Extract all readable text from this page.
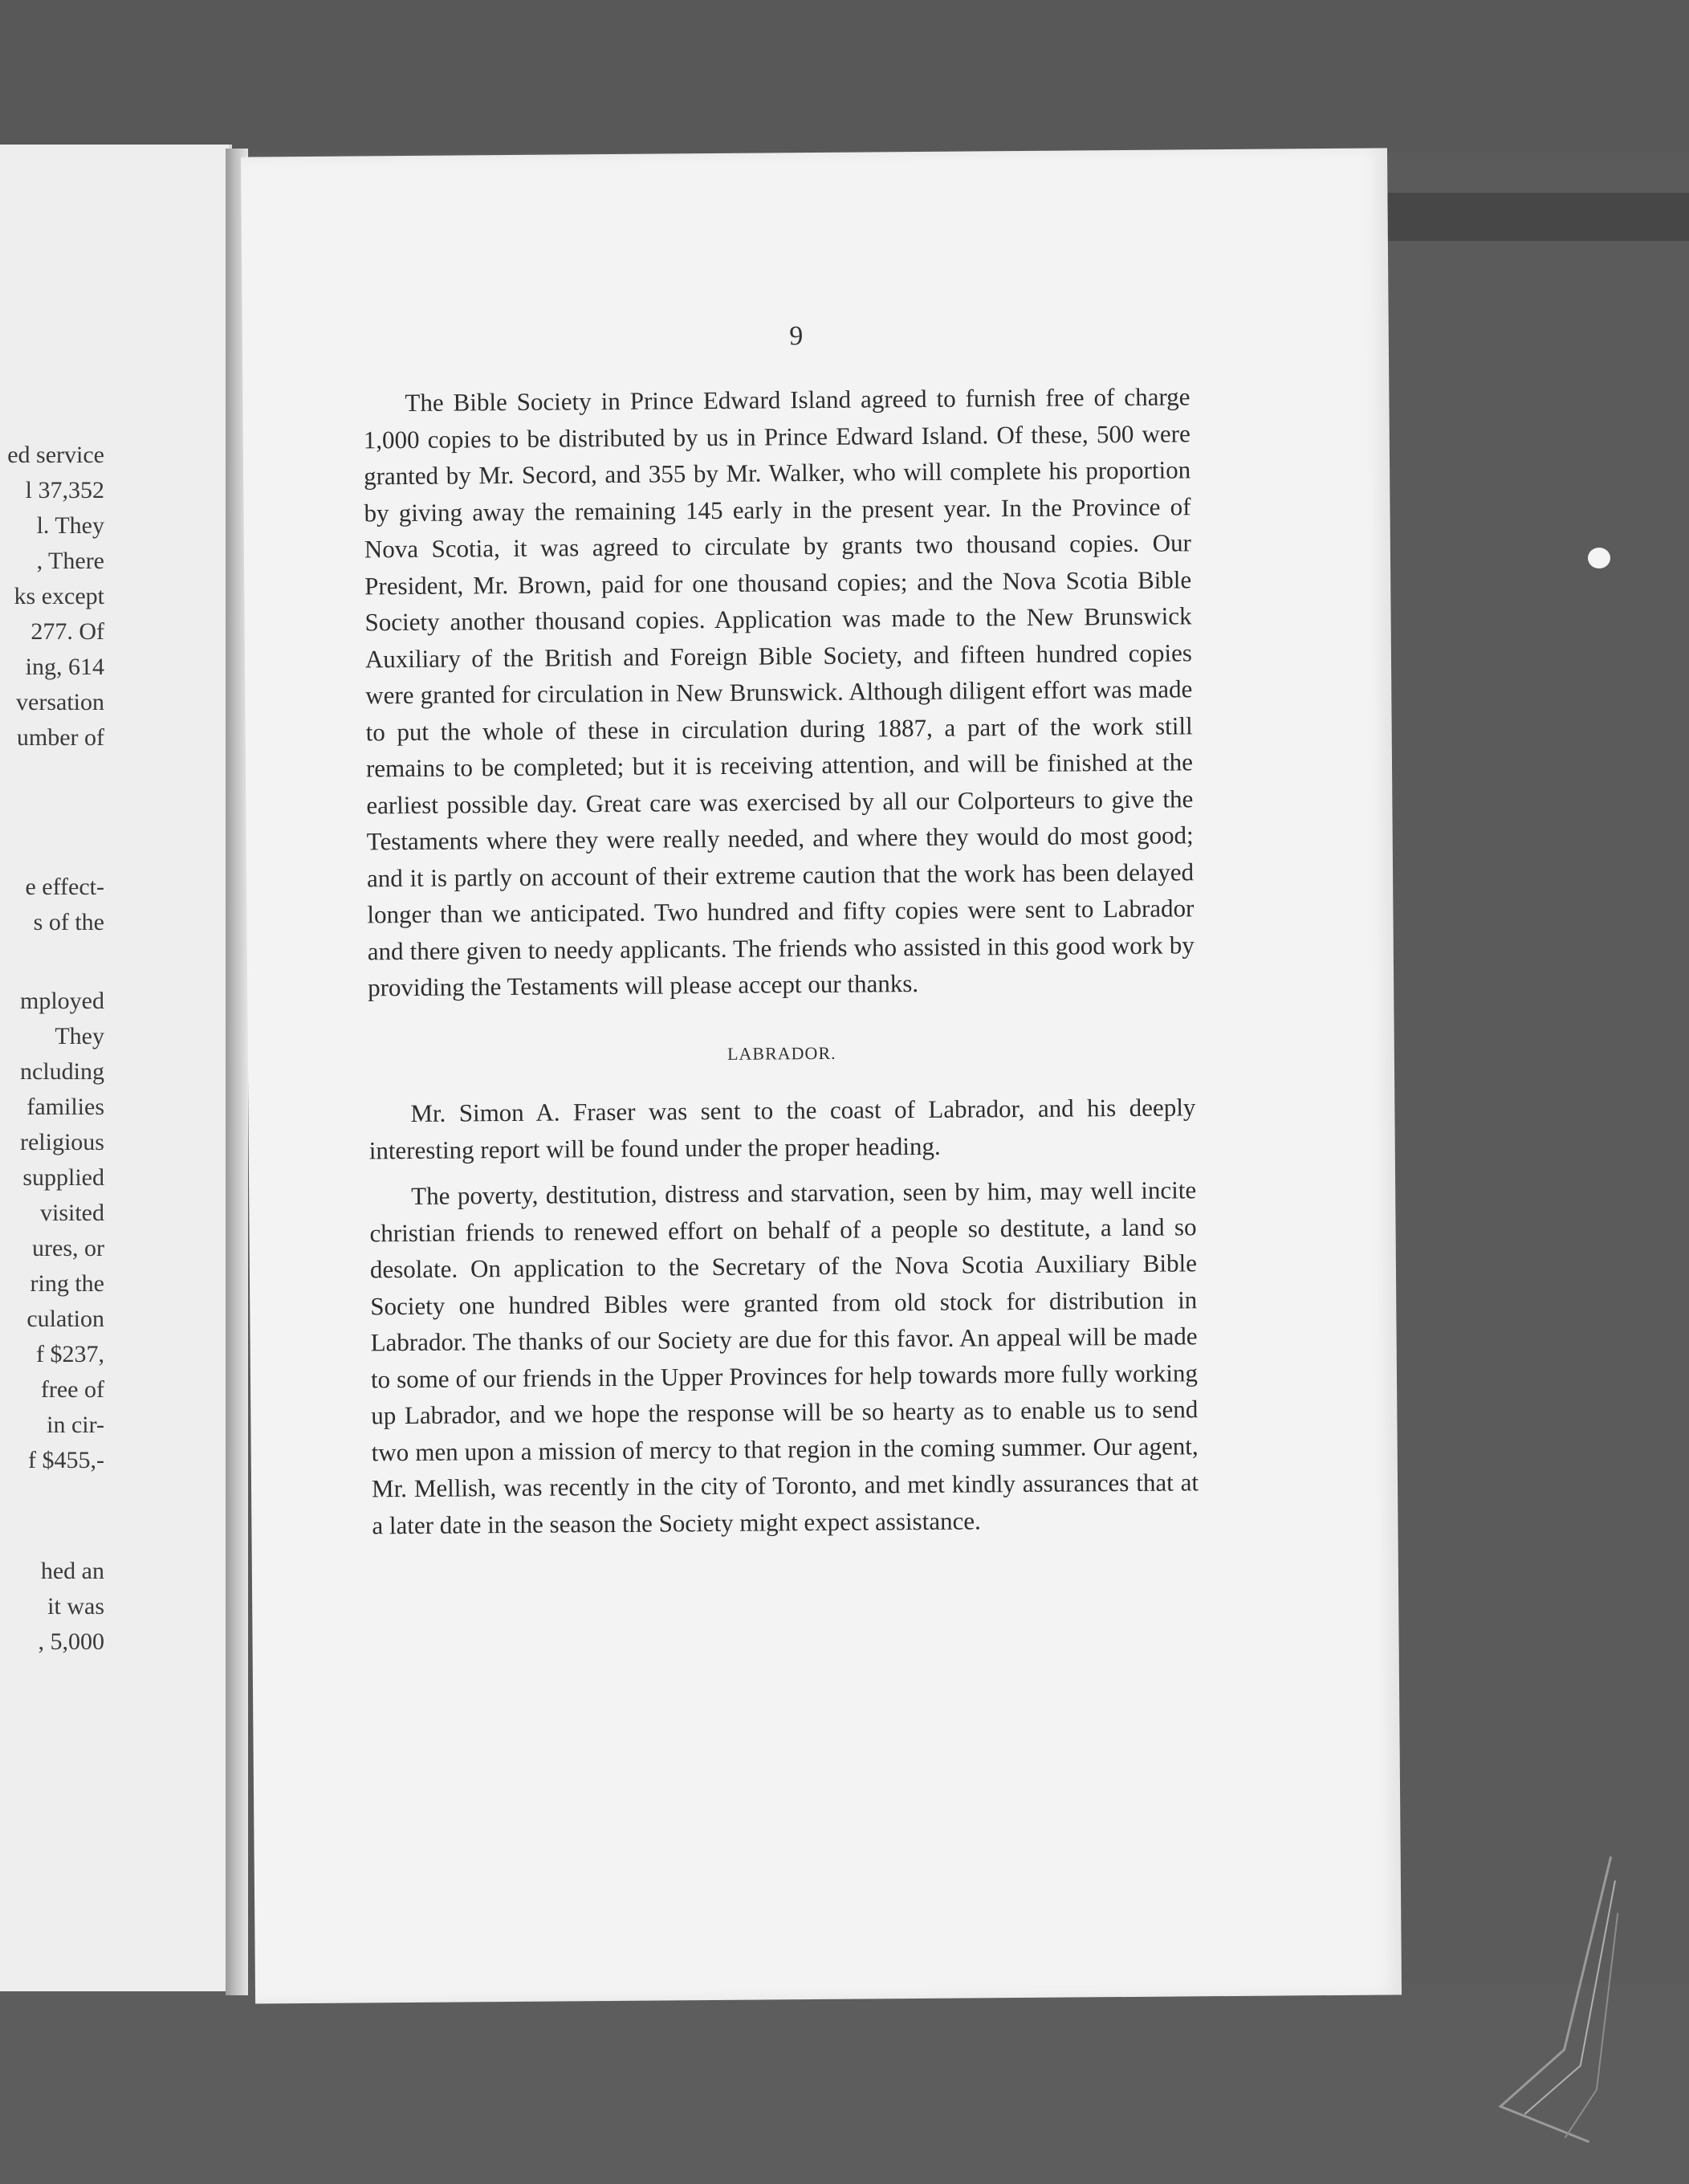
ed service
l 37,352
l. They
, There
ks except
277. Of
ing, 614
versation
umber of
e effect-
s of the
mployed
They
ncluding
families
religious
supplied
visited
ures, or
ring the
culation
f $237,
free of
in cir-
f $455,-
hed an
it was
, 5,000
9

The Bible Society in Prince Edward Island agreed to furnish free of charge 1,000 copies to be distributed by us in Prince Edward Island. Of these, 500 were granted by Mr. Secord, and 355 by Mr. Walker, who will complete his proportion by giving away the remaining 145 early in the present year. In the Province of Nova Scotia, it was agreed to circulate by grants two thousand copies. Our President, Mr. Brown, paid for one thousand copies; and the Nova Scotia Bible Society another thousand copies. Application was made to the New Brunswick Auxiliary of the British and Foreign Bible Society, and fifteen hundred copies were granted for circulation in New Brunswick. Although diligent effort was made to put the whole of these in circulation during 1887, a part of the work still remains to be completed; but it is receiving attention, and will be finished at the earliest possible day. Great care was exercised by all our Colporteurs to give the Testaments where they were really needed, and where they would do most good; and it is partly on account of their extreme caution that the work has been delayed longer than we anticipated. Two hundred and fifty copies were sent to Labrador and there given to needy applicants. The friends who assisted in this good work by providing the Testaments will please accept our thanks.

LABRADOR.

Mr. Simon A. Fraser was sent to the coast of Labrador, and his deeply interesting report will be found under the proper heading.

The poverty, destitution, distress and starvation, seen by him, may well incite christian friends to renewed effort on behalf of a people so destitute, a land so desolate. On application to the Secretary of the Nova Scotia Auxiliary Bible Society one hundred Bibles were granted from old stock for distribution in Labrador. The thanks of our Society are due for this favor. An appeal will be made to some of our friends in the Upper Provinces for help towards more fully working up Labrador, and we hope the response will be so hearty as to enable us to send two men upon a mission of mercy to that region in the coming summer. Our agent, Mr. Mellish, was recently in the city of Toronto, and met kindly assurances that at a later date in the season the Society might expect assistance.
